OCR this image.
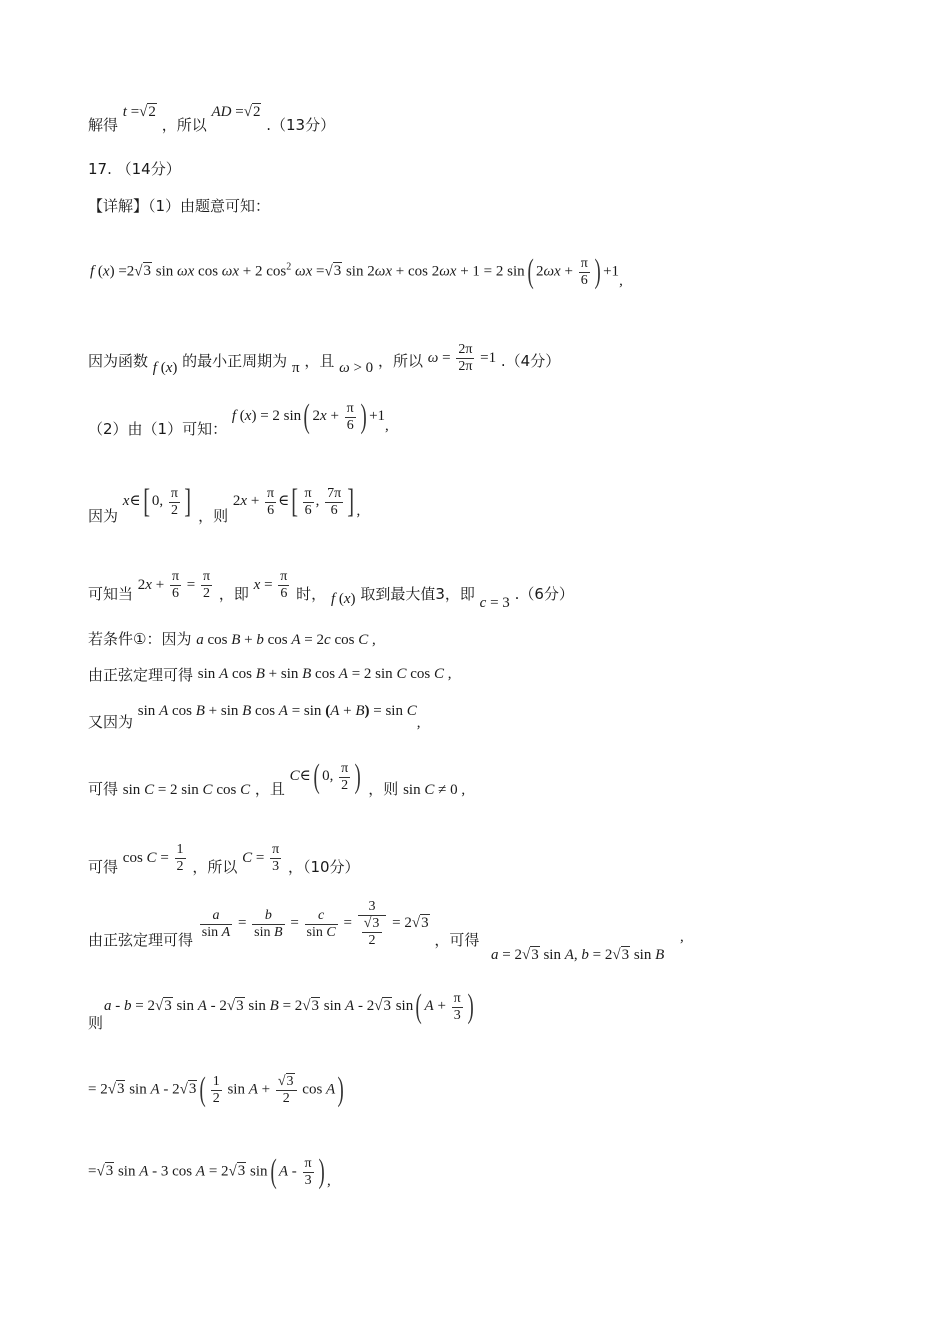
解得 t =√2 ，所以 AD =√2 .（13分）
17. （14分）
【详解】（1）由题意可知：
f (x) =2√3 sin ωx cos ωx + 2 $\cos^2 \omega x =√3$ sin 2ωx + cos 2ωx + 1 = 2 sin( $2\omega x + \frac{\pi}{6}$ ) +1,
因为函数 f (x) 的最小正周期为 π ，且 ω > 0 ，所以 $\omega = \frac{2\pi}{2\pi} =1$ .（4分）
（2）由（1）可知： f (x) = 2 sin( $2x + \frac{\pi}{6}$ ) +1,
因为 x∈[ 0, $\frac{\pi}{2}$ ] ，则 $2x + \frac{\pi}{6}$ ∈[ $\frac{\pi}{6}$ , $\frac{7\pi}{6}$ ] ,
可知当 $2x + \frac{\pi}{6} = \frac{\pi}{2}$ ，即 $x = \frac{\pi}{6}$ 时， f (x) 取到最大值3，即 c = 3 .（6分）
若条件①：因为 a cos B + b cos A = 2c cos C ,
由正弦定理可得 sin A cos B + sin B cos A = 2 sin C cos C ,
又因为 sin A cos B + sin B cos A = sin (A + B) = sin C,
可得 sin C = 2 sin C cos C ，且 C∈( 0, $\frac{\pi}{2}$ ) ，则 sin C ≠ 0 ,
可得 $\cos C = \frac{1}{2}$ ，所以 $C = \frac{\pi}{3}$ ，（10分）
由正弦定理可得
$\frac{a}{\text{sin A}} = \frac{b}{\text{sin B}} = \frac{c}{\text{sin C}} = \frac{3}{\frac{√3}{2}} = 2√3$ ，可得
a = 2√3 sin A, b = 2√3 sin B
,
则
a - b = 2√3 sin A - 2√3 sin B = 2√3 sin A - 2√3 sin( $A + \frac{\pi}{3}$ )
= 2√3 sin A - 2√3 ( $\frac{1}{2}$ $\sin A + \frac{√3}{2}$ cos A)
=√3 sin A - 3 cos A = 2√3 sin( A - $\frac{\pi}{3}$ ) ,
